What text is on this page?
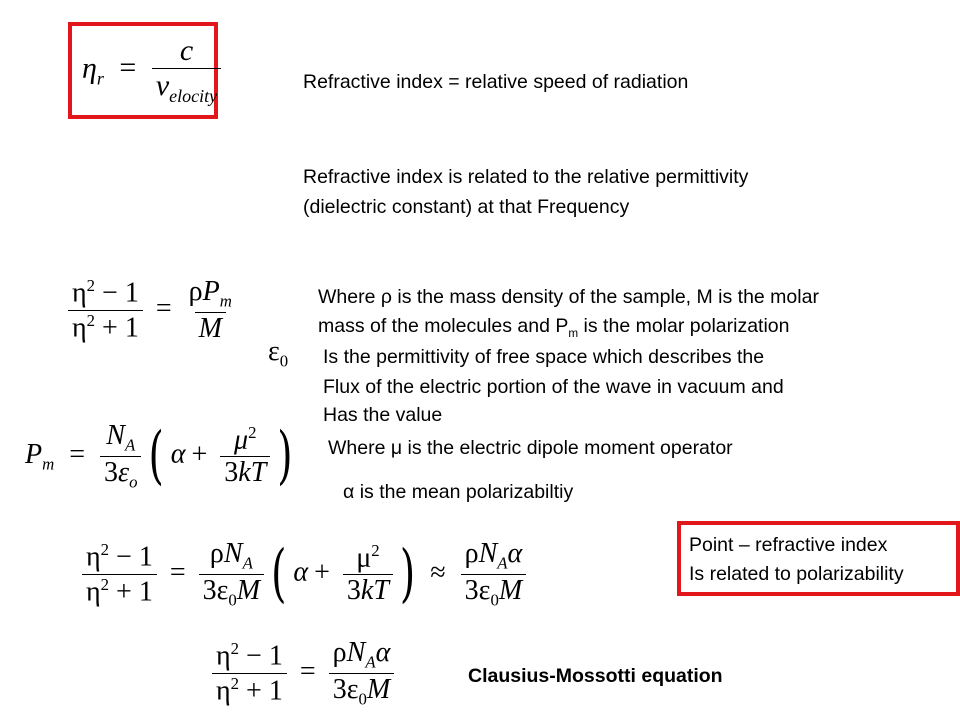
$\eta_r = \frac{c}{v_{elocity}}$	Refractive index = relative speed of radiation
Refractive index is related to the relative permittivity
(dielectric constant) at that Frequency
$\frac{\eta^2 - 1}{\eta^2 + 1} = \frac{\rho P_m}{M}$	Where ρ is the mass density of the sample, M is the molar
mass of the molecules and $P_m$ is the molar polarization
$\varepsilon_0$ Is the permittivity of free space which describes the
Flux of the electric portion of the wave in vacuum and
Has the value
$P_m = \frac{N_A}{3\varepsilon_o}$ ( $\alpha + \frac{\mu^2}{3kT}$ ) Where μ is the electric dipole moment operator
α is the mean polarizabiltiy
$\frac{\eta^2 - 1}{\eta^2 + 1} = \frac{\rho N_A}{3\varepsilon_0M}$ ( $\alpha + \frac{\mu^2}{3kT}$ ) ≈ $\frac{\rho N_A\alpha}{3\varepsilon_0M}$	Point – refractive index
Is related to polarizability
$\frac{\eta^2 - 1}{\eta^2 + 1} = \frac{\rho N_A\alpha}{3\varepsilon_0M}$	Clausius-Mossotti equation
